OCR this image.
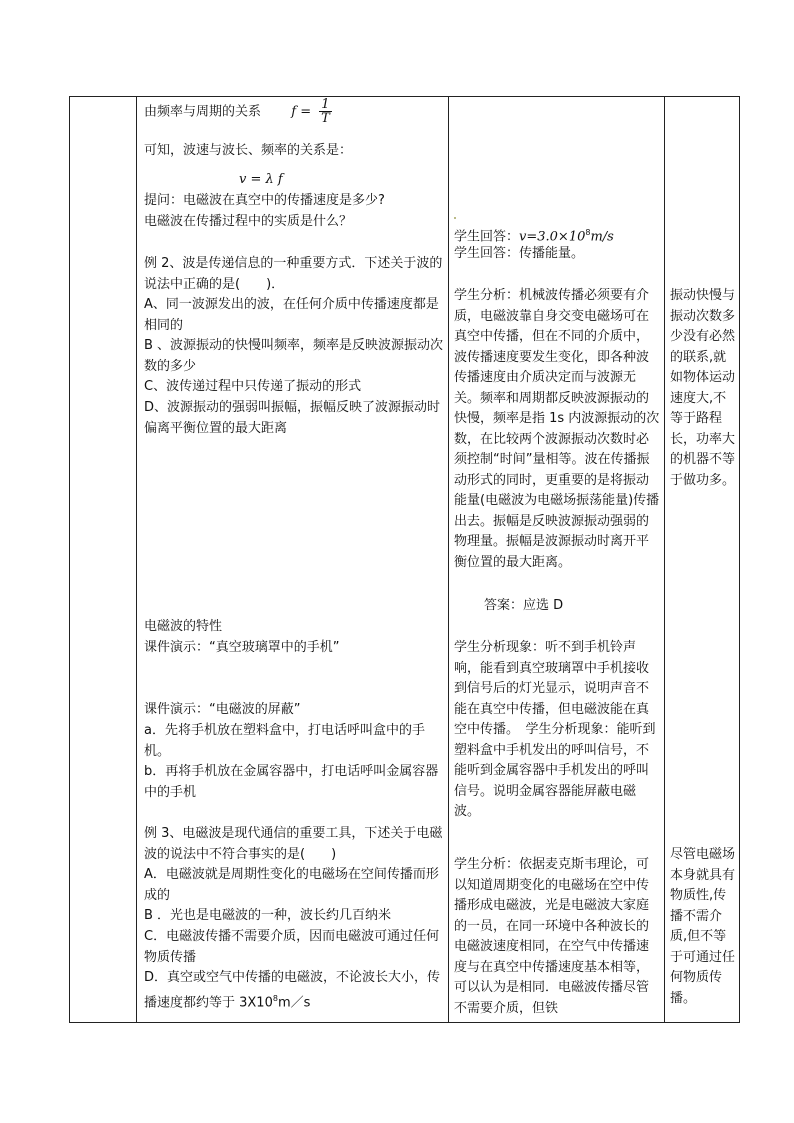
由频率与周期的关系 $f = \frac{1}{T}$

可知，波速与波长、频率的关系是：

v = λ f

提问：电磁波在真空中的传播速度是多少?

电磁波在传播过程中的实质是什么？

例 2、波是传递信息的一种重要方式．下述关于波的说法中正确的是(　　)．

A、同一波源发出的波，在任何介质中传播速度都是相同的

B 、波源振动的快慢叫频率，频率是反映波源振动次数的多少

C、波传递过程中只传递了振动的形式

D、波源振动的强弱叫振幅，振幅反映了波源振动时偏离平衡位置的最大距离

电磁波的特性

课件演示：“真空玻璃罩中的手机”

课件演示：“电磁波的屏蔽”

a．先将手机放在塑料盒中，打电话呼叫盒中的手机。

b．再将手机放在金属容器中，打电话呼叫金属容器中的手机

例 3、电磁波是现代通信的重要工具，下述关于电磁波的说法中不符合事实的是(　　)

A．电磁波就是周期性变化的电磁场在空间传播而形成的

B ．光也是电磁波的一种，波长约几百纳米

C．电磁波传播不需要介质，因而电磁波可通过任何物质传播

D．真空或空气中传播的电磁波，不论波长大小，传播速度都约等于 $3X10^8m/s$

学生回答：$v=3.0\times 10^8m/s$

学生回答：传播能量。

学生分析：机械波传播必须要有介质，电磁波靠自身交变电磁场可在真空中传播，但在不同的介质中，波传播速度要发生变化，即各种波传播速度由介质决定而与波源无关。频率和周期都反映波源振动的快慢，频率是指 1s 内波源振动的次数，在比较两个波源振动次数时必须控制“时间”量相等。波在传播振动形式的同时，更重要的是将振动能量(电磁波为电磁场振荡能量)传播出去。振幅是反映波源振动强弱的物理量。振幅是波源振动时离开平衡位置的最大距离。

答案：应选 D

学生分析现象：听不到手机铃声响，能看到真空玻璃罩中手机接收到信号后的灯光显示，说明声音不能在真空中传播，但电磁波能在真空中传播。　学生分析现象：能听到塑料盒中手机发出的呼叫信号，不能听到金属容器中手机发出的呼叫信号。说明金属容器能屏蔽电磁波。

学生分析：依据麦克斯韦理论，可以知道周期变化的电磁场在空中传播形成电磁波，光是电磁波大家庭的一员，在同一环境中各种波长的电磁波速度相同，在空气中传播速度与在真空中传播速度基本相等，可以认为是相同．电磁波传播尽管不需要介质，但铁

振动快慢与振动次数多少没有必然的联系,就如物体运动速度大,不等于路程长，功率大的机器不等于做功多。

尽管电磁场本身就具有物质性,传播不需介质,但不等于可通过任何物质传播。
